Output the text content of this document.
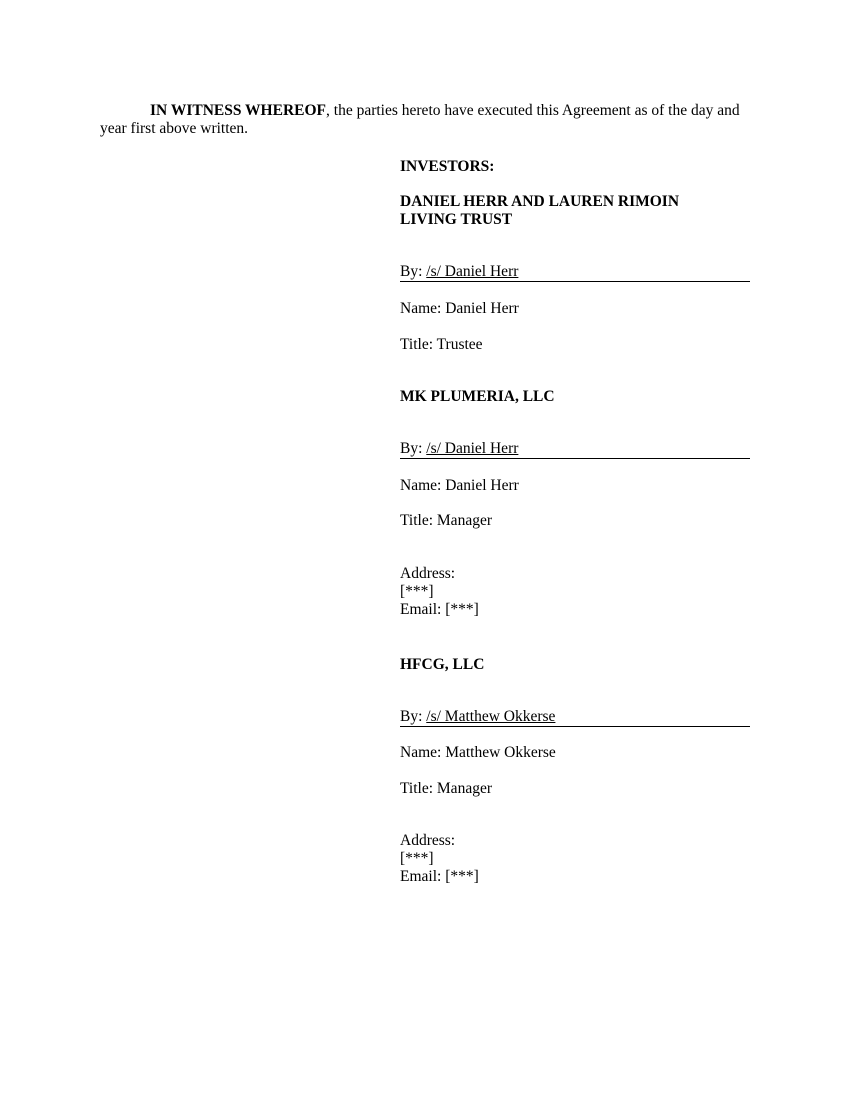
IN WITNESS WHEREOF, the parties hereto have executed this Agreement as of the day and year first above written.
INVESTORS:
DANIEL HERR AND LAUREN RIMOIN
LIVING TRUST
By: /s/ Daniel Herr
Name: Daniel Herr
Title: Trustee
MK PLUMERIA, LLC
By: /s/ Daniel Herr
Name: Daniel Herr
Title: Manager
Address:
[***]
Email: [***]
HFCG, LLC
By: /s/ Matthew Okkerse
Name: Matthew Okkerse
Title: Manager
Address:
[***]
Email: [***]
